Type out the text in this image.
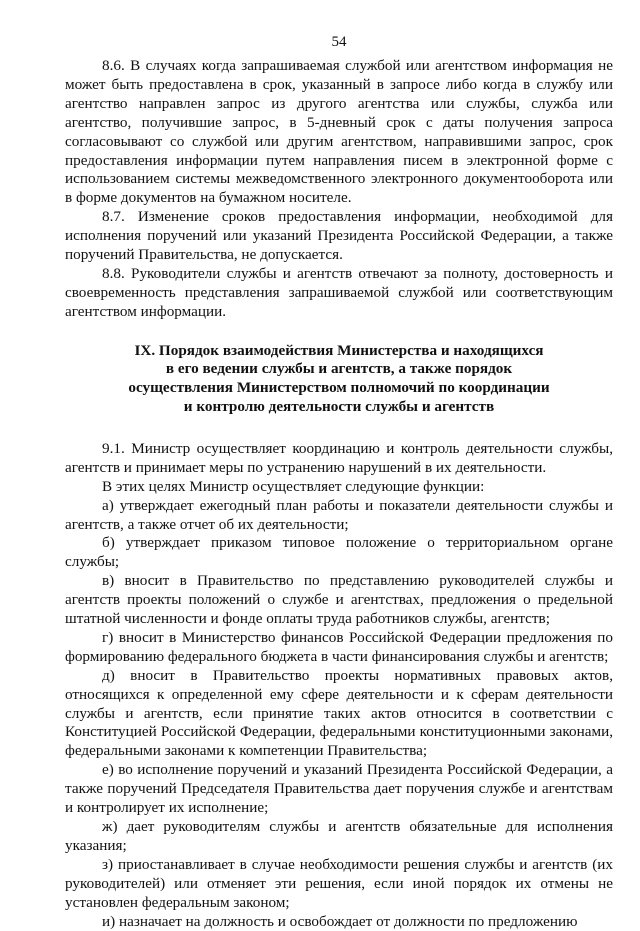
54

8.6. В случаях когда запрашиваемая службой или агентством информация не может быть предоставлена в срок, указанный в запросе либо когда в службу или агентство направлен запрос из другого агентства или службы, служба или агентство, получившие запрос, в 5-дневный срок с даты получения запроса согласовывают со службой или другим агентством, направившими запрос, срок предоставления информации путем направления писем в электронной форме с использованием системы межведомственного электронного документооборота или в форме документов на бумажном носителе.

8.7. Изменение сроков предоставления информации, необходимой для исполнения поручений или указаний Президента Российской Федерации, а также поручений Правительства, не допускается.

8.8. Руководители службы и агентств отвечают за полноту, достоверность и своевременность представления запрашиваемой службой или соответствующим агентством информации.

IX. Порядок взаимодействия Министерства и находящихся
в его ведении службы и агентств, а также порядок
осуществления Министерством полномочий по координации
и контролю деятельности службы и агентств

9.1. Министр осуществляет координацию и контроль деятельности службы, агентств и принимает меры по устранению нарушений в их деятельности.

В этих целях Министр осуществляет следующие функции:

а) утверждает ежегодный план работы и показатели деятельности службы и агентств, а также отчет об их деятельности;

б) утверждает приказом типовое положение о территориальном органе службы;

в) вносит в Правительство по представлению руководителей службы и агентств проекты положений о службе и агентствах, предложения о предельной штатной численности и фонде оплаты труда работников службы, агентств;

г) вносит в Министерство финансов Российской Федерации предложения по формированию федерального бюджета в части финансирования службы и агентств;

д) вносит в Правительство проекты нормативных правовых актов, относящихся к определенной ему сфере деятельности и к сферам деятельности службы и агентств, если принятие таких актов относится в соответствии с Конституцией Российской Федерации, федеральными конституционными законами, федеральными законами к компетенции Правительства;

е) во исполнение поручений и указаний Президента Российской Федерации, а также поручений Председателя Правительства дает поручения службе и агентствам и контролирует их исполнение;

ж) дает руководителям службы и агентств обязательные для исполнения указания;

з) приостанавливает в случае необходимости решения службы и агентств (их руководителей) или отменяет эти решения, если иной порядок их отмены не установлен федеральным законом;

и) назначает на должность и освобождает от должности по предложению
